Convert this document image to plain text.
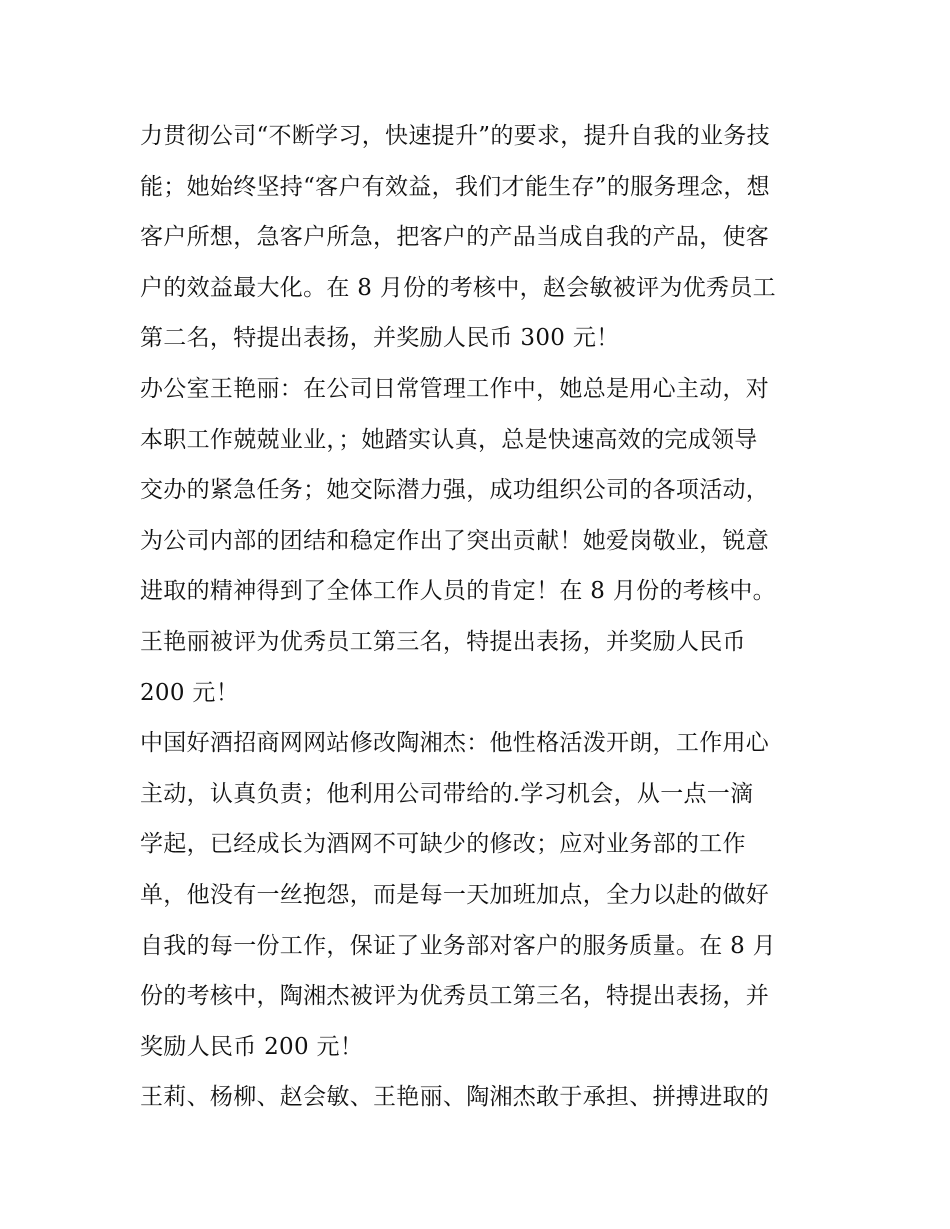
力贯彻公司“不断学习，快速提升”的要求，提升自我的业务技
能；她始终坚持“客户有效益，我们才能生存”的服务理念，想
客户所想，急客户所急，把客户的产品当成自我的产品，使客
户的效益最大化。在 8 月份的考核中，赵会敏被评为优秀员工
第二名，特提出表扬，并奖励人民币 300 元！
办公室王艳丽：在公司日常管理工作中，她总是用心主动，对
本职工作兢兢业业，；她踏实认真，总是快速高效的完成领导
交办的紧急任务；她交际潜力强，成功组织公司的各项活动，
为公司内部的团结和稳定作出了突出贡献！她爱岗敬业，锐意
进取的精神得到了全体工作人员的肯定！在 8 月份的考核中。
王艳丽被评为优秀员工第三名，特提出表扬，并奖励人民币
200 元！
中国好酒招商网网站修改陶湘杰：他性格活泼开朗，工作用心
主动，认真负责；他利用公司带给的.学习机会，从一点一滴
学起，已经成长为酒网不可缺少的修改；应对业务部的工作
单，他没有一丝抱怨，而是每一天加班加点，全力以赴的做好
自我的每一份工作，保证了业务部对客户的服务质量。在 8 月
份的考核中，陶湘杰被评为优秀员工第三名，特提出表扬，并
奖励人民币 200 元！
王莉、杨柳、赵会敏、王艳丽、陶湘杰敢于承担、拼搏进取的
